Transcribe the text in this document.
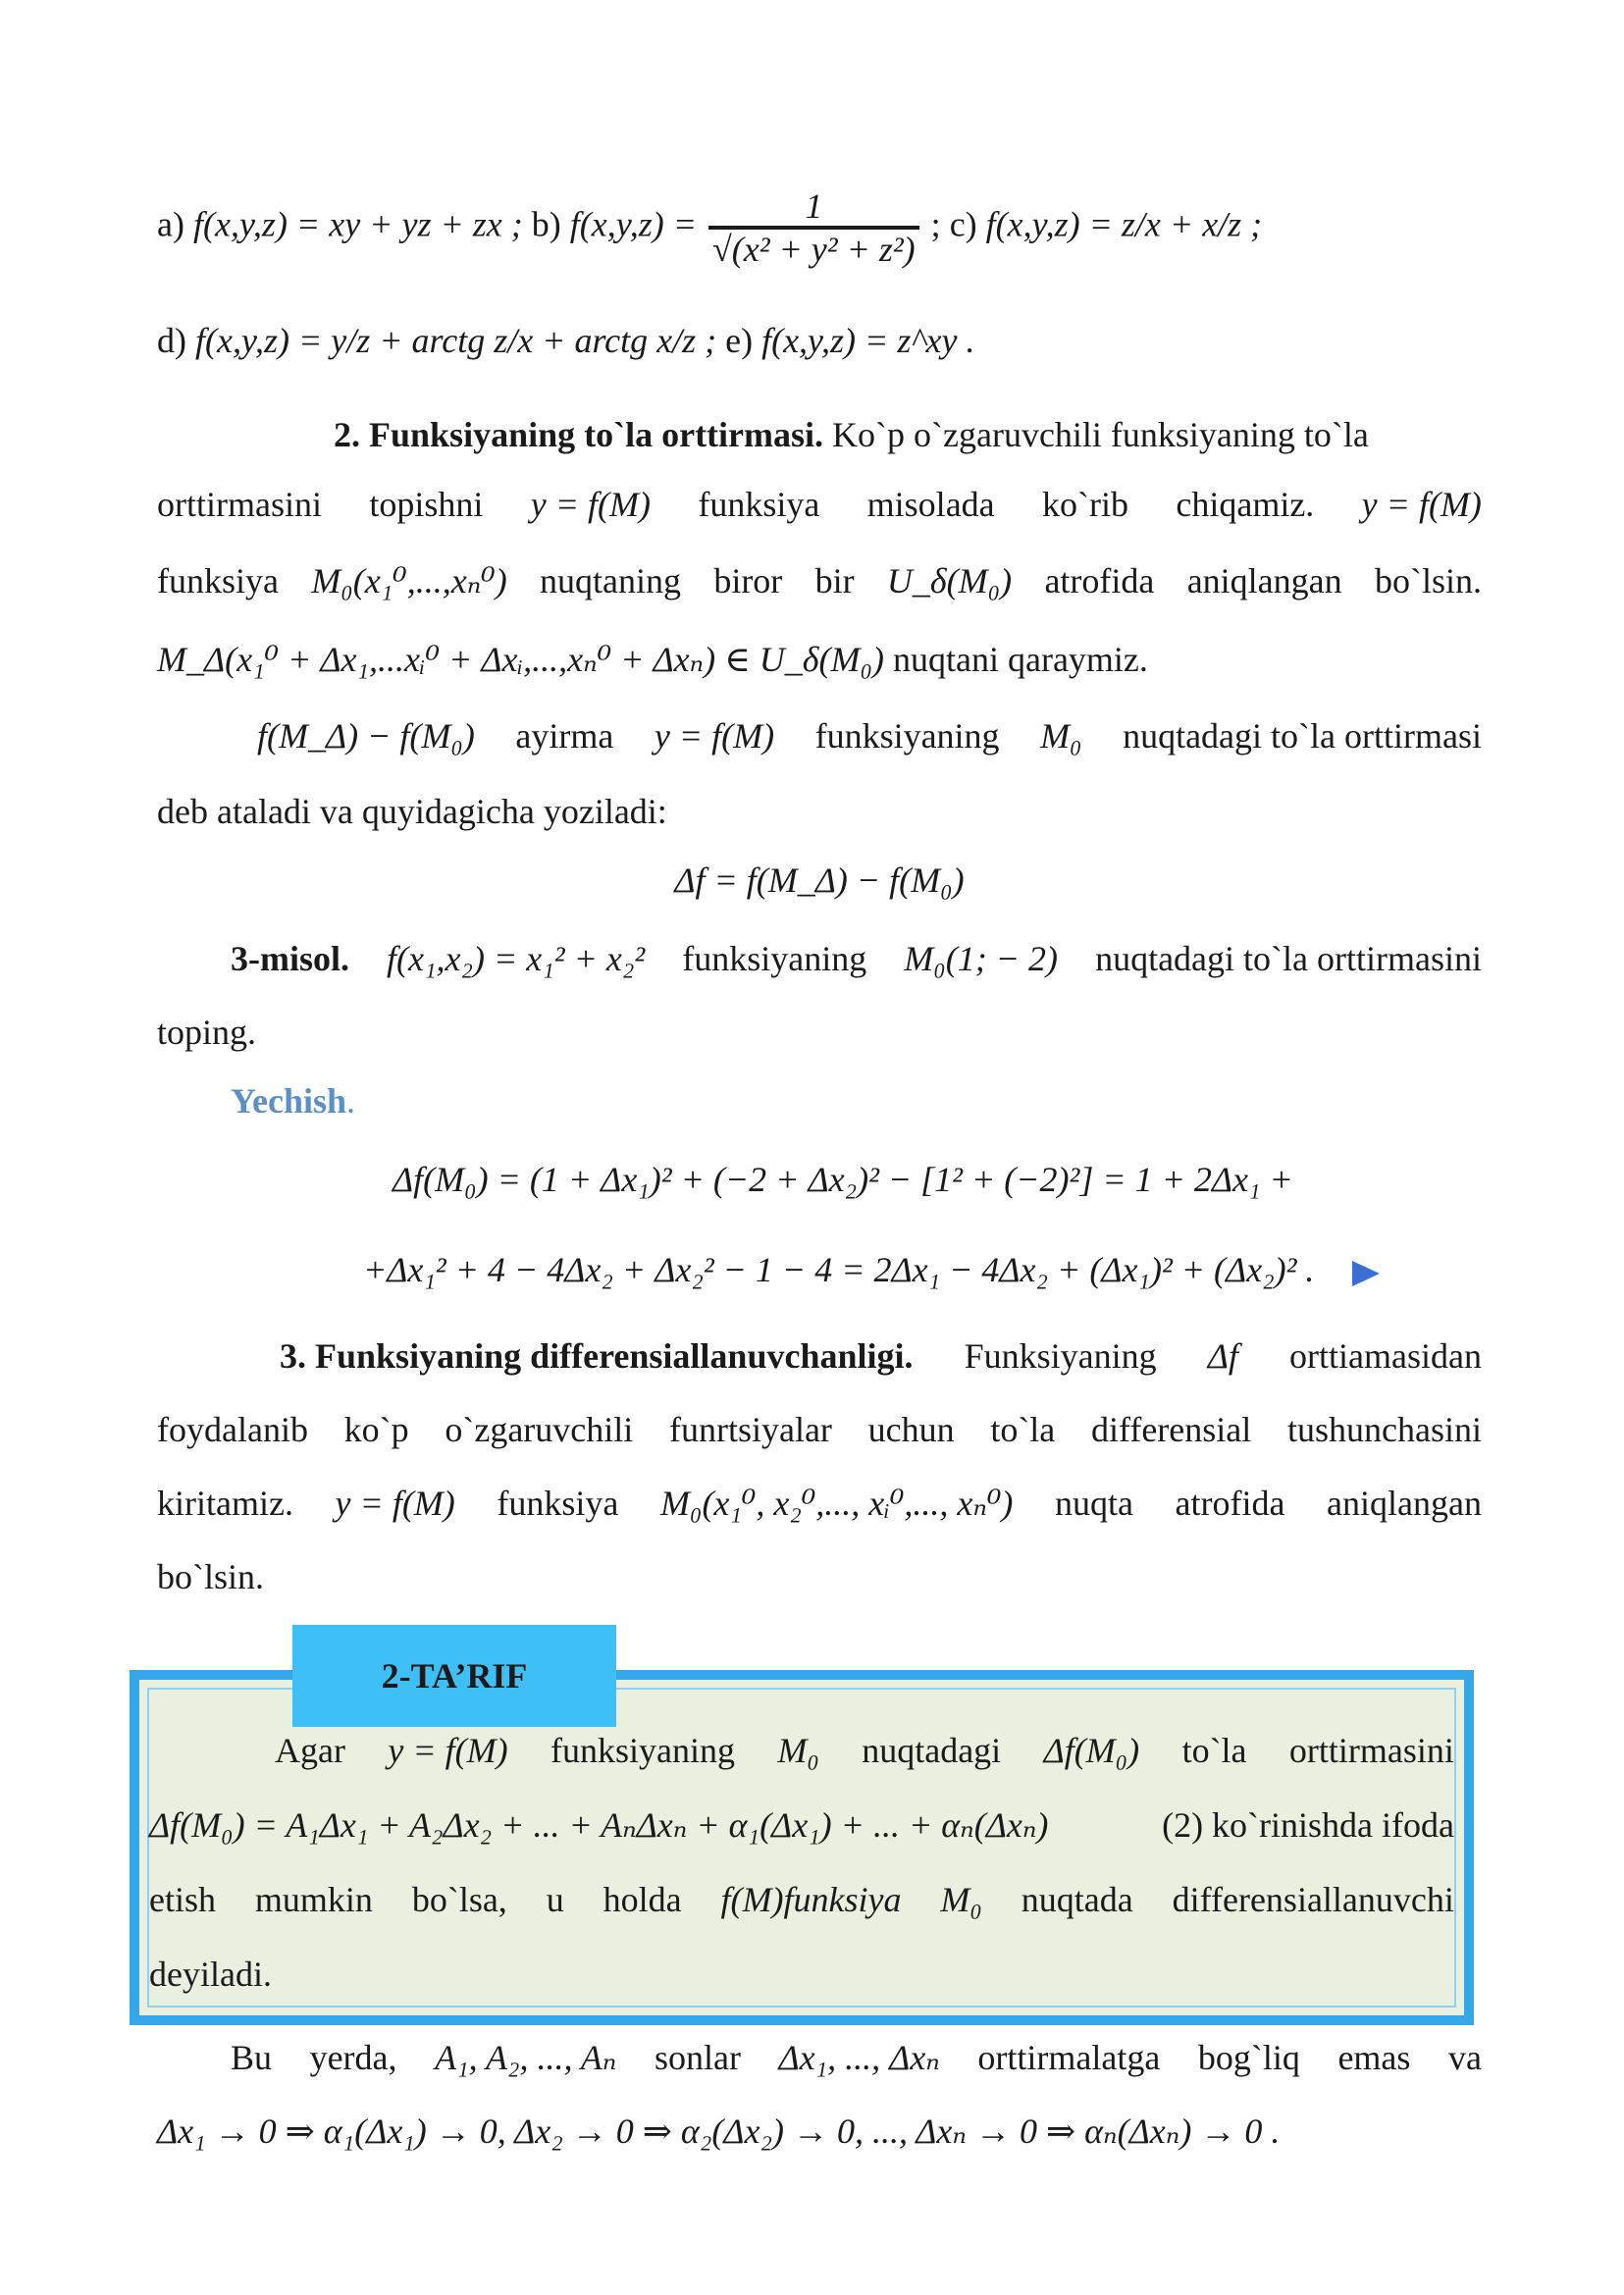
a) f(x,y,z) = xy + yz + zx ; b) $f(x,y,z) = \frac{1}{\text{√(x² + y² + z²)}}$ ; c) f(x,y,z) = z/x + x/z ;
d) f(x,y,z) = y/z + arctg z/x + arctg x/z ; e) f(x,y,z) = z^xy .
2. Funksiyaning to`la orttirmasi. Ko`p o`zgaruvchili funksiyaning to`la
orttirmasini topishni y = f(M) funksiya misolada ko`rib chiqamiz. y = f(M)
funksiya M₀(x₁⁰,...,xₙ⁰) nuqtaning biror bir U_δ(M₀) atrofida aniqlangan bo`lsin.
M_Δ(x₁⁰ + Δx₁,...xᵢ⁰ + Δxᵢ,...,xₙ⁰ + Δxₙ) ∈ U_δ(M₀) nuqtani qaraymiz.
f(M_Δ) − f(M₀) ayirma y = f(M) funksiyaning M₀ nuqtadagi to`la orttirmasi
deb ataladi va quyidagicha yoziladi:
Δf = f(M_Δ) − f(M₀)
3-misol. f(x₁,x₂) = x₁² + x₂² funksiyaning M₀(1; − 2) nuqtadagi to`la orttirmasini
toping.
Yechish.
Δf(M₀) = (1 + Δx₁)² + (−2 + Δx₂)² − [1² + (−2)²] = 1 + 2Δx₁ +
+Δx₁² + 4 − 4Δx₂ + Δx₂² − 1 − 4 = 2Δx₁ − 4Δx₂ + (Δx₁)² + (Δx₂)² .
3. Funksiyaning differensiallanuvchanligi. Funksiyaning Δf orttiamasidan
foydalanib ko`p o`zgaruvchili funrtsiyalar uchun to`la differensial tushunchasini
kiritamiz. y = f(M) funksiya M₀(x₁⁰, x₂⁰,..., xᵢ⁰,..., xₙ⁰) nuqta atrofida aniqlangan
bo`lsin.
2-TA’RIF
Agar y = f(M) funksiyaning M₀ nuqtadagi Δf(M₀) to`la orttirmasini
Δf(M₀) = A₁Δx₁ + A₂Δx₂ + ... + AₙΔxₙ + α₁(Δx₁) + ... + αₙ(Δxₙ)	(2) ko`rinishda ifoda
etish mumkin bo`lsa, u holda f(M)funksiya M₀ nuqtada differensiallanuvchi
deyiladi.
Bu yerda, A₁, A₂, ..., Aₙ sonlar Δx₁, ..., Δxₙ orttirmalatga bog`liq emas va
Δx₁ → 0 ⇒ α₁(Δx₁) → 0, Δx₂ → 0 ⇒ α₂(Δx₂) → 0, ..., Δxₙ → 0 ⇒ αₙ(Δxₙ) → 0 .
